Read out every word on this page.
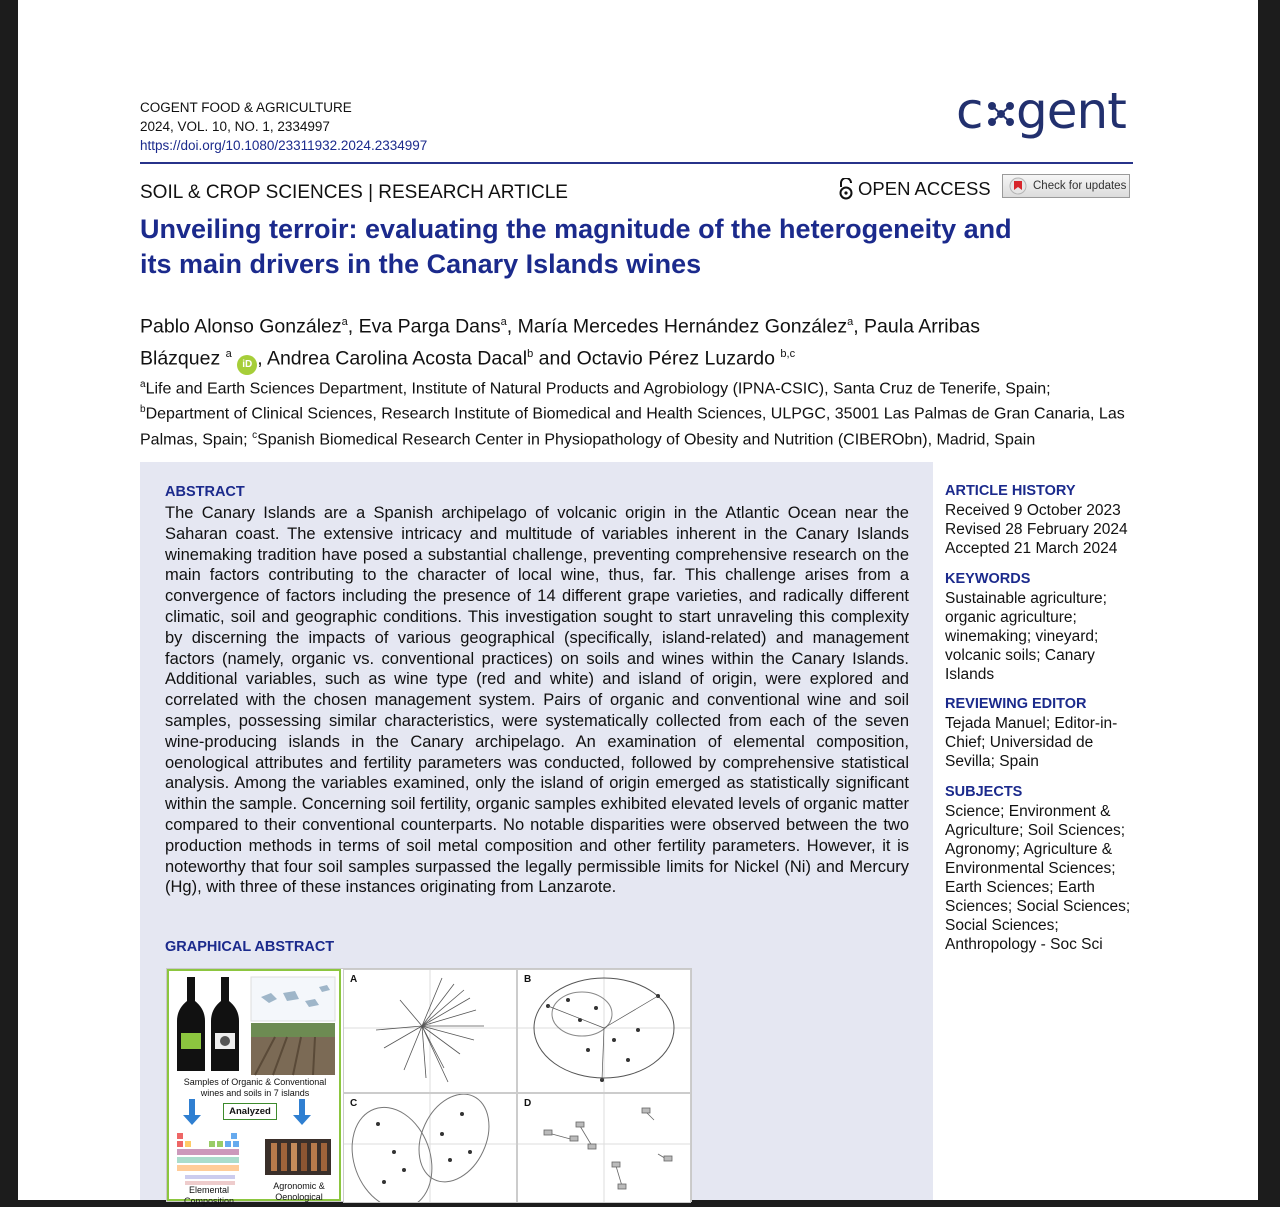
COGENT FOOD & AGRICULTURE
2024, VOL. 10, NO. 1, 2334997
https://doi.org/10.1080/23311932.2024.2334997
c gent
SOIL & CROP SCIENCES | RESEARCH ARTICLE	OPEN ACCESS	Check for updates
Unveiling terroir: evaluating the magnitude of the heterogeneity and
its main drivers in the Canary Islands wines
Pablo Alonso González$^a$, Eva Parga Dans$^a$, María Mercedes Hernández González$^a$, Paula Arribas
Blázquez $^a$ iD , Andrea Carolina Acosta Dacal$^b$ and Octavio Pérez Luzardo $^{b,c}$
$^a$Life and Earth Sciences Department, Institute of Natural Products and Agrobiology (IPNA-CSIC), Santa Cruz de Tenerife, Spain;
$^b$Department of Clinical Sciences, Research Institute of Biomedical and Health Sciences, ULPGC, 35001 Las Palmas de Gran Canaria, Las Palmas, Spain; $^c$Spanish Biomedical Research Center in Physiopathology of Obesity and Nutrition (CIBERObn), Madrid, Spain
ABSTRACT

The Canary Islands are a Spanish archipelago of volcanic origin in the Atlantic Ocean near the Saharan coast. The extensive intricacy and multitude of variables inherent in the Canary Islands winemaking tradition have posed a substantial challenge, preventing comprehensive research on the main factors contributing to the character of local wine, thus, far. This challenge arises from a convergence of factors including the presence of 14 different grape varieties, and radically different climatic, soil and geographic conditions. This investigation sought to start unraveling this complexity by discerning the impacts of various geographical (specifically, island-related) and management factors (namely, organic vs. conventional practices) on soils and wines within the Canary Islands. Additional variables, such as wine type (red and white) and island of origin, were explored and correlated with the chosen management system. Pairs of organic and conventional wine and soil samples, possessing similar characteristics, were systematically collected from each of the seven wine-producing islands in the Canary archipelago. An examination of elemental composition, oenological attributes and fertility parameters was conducted, followed by comprehensive statistical analysis. Among the variables examined, only the island of origin emerged as statistically significant within the sample. Concerning soil fertility, organic samples exhibited elevated levels of organic matter compared to their conventional counterparts. No notable disparities were observed between the two production methods in terms of soil metal composition and other fertility parameters. However, it is noteworthy that four soil samples surpassed the legally permissible limits for Nickel (Ni) and Mercury (Hg), with three of these instances originating from Lanzarote.

GRAPHICAL ABSTRACT
Samples of Organic & Conventional wines and soils in 7 islands
Analyzed
Elemental Composition
Agronomic & Oenological
A	B
C	D
ARTICLE HISTORY
Received 9 October 2023
Revised 28 February 2024
Accepted 21 March 2024
KEYWORDS
Sustainable agriculture; organic agriculture; winemaking; vineyard; volcanic soils; Canary Islands
REVIEWING EDITOR
Tejada Manuel; Editor-in-Chief; Universidad de Sevilla; Spain
SUBJECTS
Science; Environment & Agriculture; Soil Sciences; Agronomy; Agriculture & Environmental Sciences; Earth Sciences; Earth Sciences; Social Sciences; Social Sciences; Anthropology - Soc Sci
